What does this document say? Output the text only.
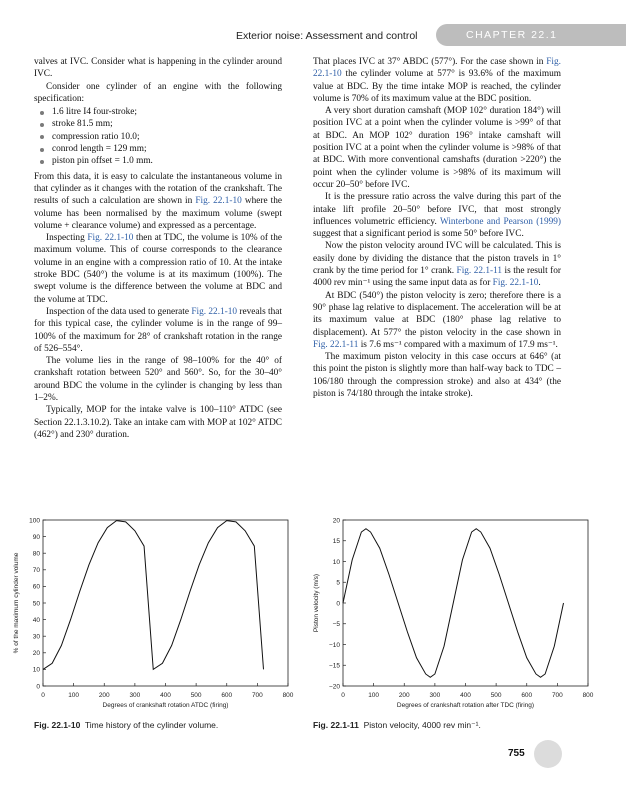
Exterior noise: Assessment and control	CHAPTER 22.1

valves at IVC. Consider what is happening in the cylinder around IVC.

Consider one cylinder of an engine with the following specification:

1.6 litre I4 four-stroke;
stroke 81.5 mm;
compression ratio 10.0;
conrod length = 129 mm;
piston pin offset = 1.0 mm.

From this data, it is easy to calculate the instantaneous volume in that cylinder as it changes with the rotation of the crankshaft. The results of such a calculation are shown in Fig. 22.1-10 where the volume has been normalised by the maximum volume (swept volume + clearance volume) and expressed as a percentage.

Inspecting Fig. 22.1-10 then at TDC, the volume is 10% of the maximum volume. This of course corresponds to the clearance volume in an engine with a compression ratio of 10. At the intake stroke BDC (540°) the volume is at its maximum (100%). The swept volume is the difference between the volume at BDC and the volume at TDC.

Inspection of the data used to generate Fig. 22.1-10 reveals that for this typical case, the cylinder volume is in the range of 99–100% of the maximum for 28° of crankshaft rotation in the range of 526–554°.

The volume lies in the range of 98–100% for the 40° of crankshaft rotation between 520° and 560°. So, for the 30–40° around BDC the volume in the cylinder is changing by less than 1–2%.

Typically, MOP for the intake valve is 100–110° ATDC (see Section 22.1.3.10.2). Take an intake cam with MOP at 102° ATDC (462°) and 230° duration.

That places IVC at 37° ABDC (577°). For the case shown in Fig. 22.1-10 the cylinder volume at 577° is 93.6% of the maximum value at BDC. By the time intake MOP is reached, the cylinder volume is 70% of its maximum value at the BDC position.

A very short duration camshaft (MOP 102° duration 184°) will position IVC at a point when the cylinder volume is >99° of that at BDC. An MOP 102° duration 196° intake camshaft will position IVC at a point when the cylinder volume is >98% of that at BDC. With more conventional camshafts (duration >220°) the point when the cylinder volume is >98% of its maximum will occur 20–50° before IVC.

It is the pressure ratio across the valve during this part of the intake lift profile 20–50° before IVC, that most strongly influences volumetric efficiency. Winterbone and Pearson (1999) suggest that a significant period is some 50° before IVC.

Now the piston velocity around IVC will be calculated. This is easily done by dividing the distance that the piston travels in 1° crank by the time period for 1° crank. Fig. 22.1-11 is the result for 4000 rev min⁻¹ using the same input data as for Fig. 22.1-10.

At BDC (540°) the piston velocity is zero; therefore there is a 90° phase lag relative to displacement. The acceleration will be at its maximum value at BDC (180° phase lag relative to displacement). At 577° the piston velocity in the case shown in Fig. 22.1-11 is 7.6 ms⁻¹ compared with a maximum of 17.9 ms⁻¹.

The maximum piston velocity in this case occurs at 646° (at this point the piston is slightly more than half-way back to TDC – 106/180 through the compression stroke) and also at 434° (the piston is 74/180 through the intake stroke).

0	100	200	300	400	500	600	700	800
0
10
20
30
40
50
60
70
80
90
100
Degrees of crankshaft rotation ATDC (firing)
% of the maximum cylinder volume
0	100	200	300	400	500	600	700	800
−20
−15
−10
−5
0
5
10
15
20
Degrees of crankshaft rotation after TDC (firing)
Piston velocity (m/s)
Fig. 22.1-10 Time history of the cylinder volume.	Fig. 22.1-11 Piston velocity, 4000 rev min⁻¹.
755
